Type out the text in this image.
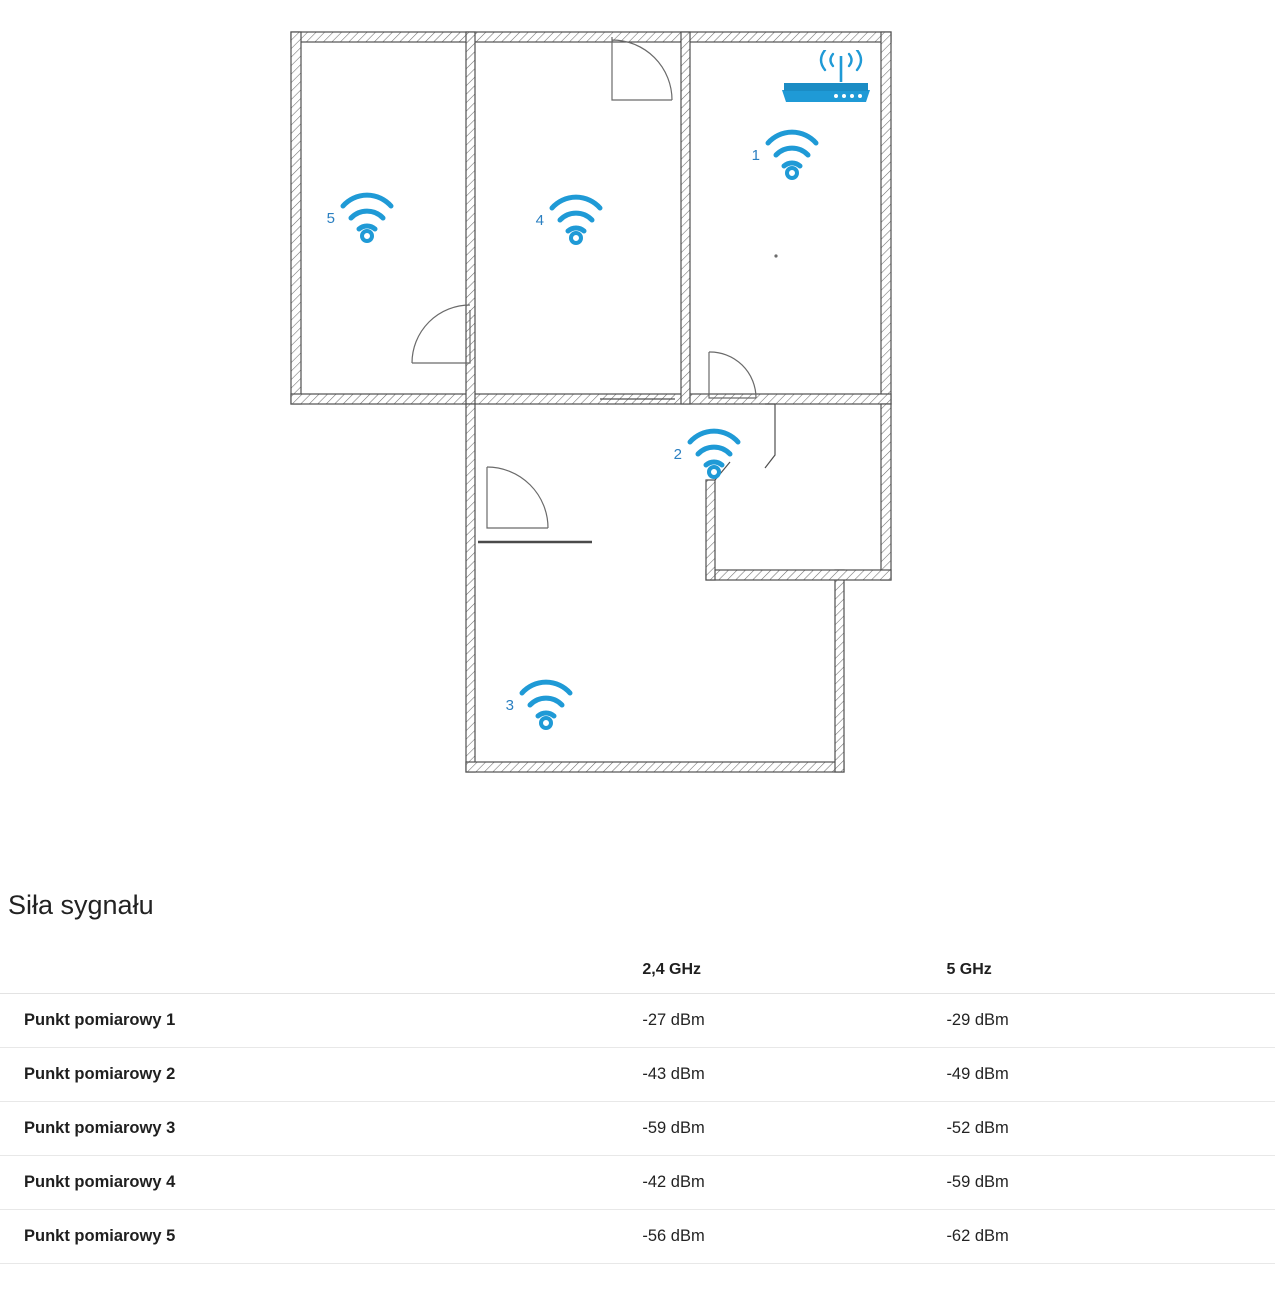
1
2
3
4
5
Siła sygnału
	2,4 GHz	5 GHz
Punkt pomiarowy 1	-27 dBm	-29 dBm
Punkt pomiarowy 2	-43 dBm	-49 dBm
Punkt pomiarowy 3	-59 dBm	-52 dBm
Punkt pomiarowy 4	-42 dBm	-59 dBm
Punkt pomiarowy 5	-56 dBm	-62 dBm
